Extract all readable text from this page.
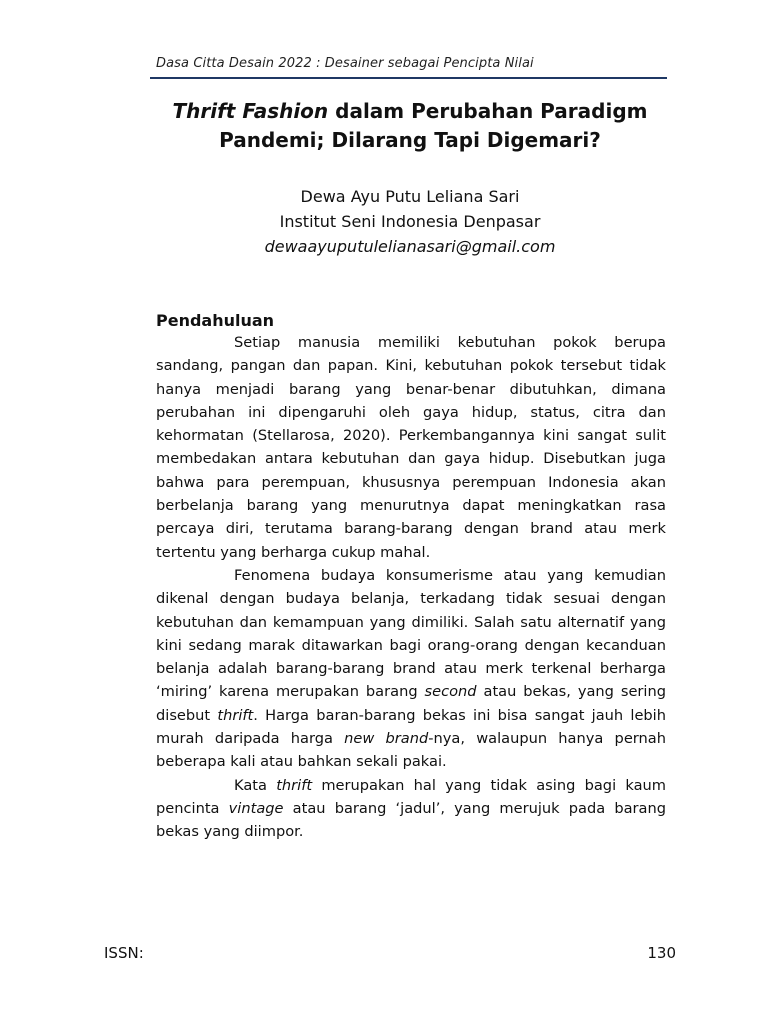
Dasa Citta Desain 2022 : Desainer sebagai Pencipta Nilai
Thrift Fashion dalam Perubahan Paradigm
Pandemi; Dilarang Tapi Digemari?
Dewa Ayu Putu Leliana Sari
Institut Seni Indonesia Denpasar
dewaayuputulelianasari@gmail.com
Pendahuluan

Setiap manusia memiliki kebutuhan pokok berupa sandang, pangan dan papan. Kini, kebutuhan pokok tersebut tidak hanya menjadi barang yang benar-benar dibutuhkan, dimana perubahan ini dipengaruhi oleh gaya hidup, status, citra dan kehormatan (Stellarosa, 2020). Perkembangannya kini sangat sulit membedakan antara kebutuhan dan gaya hidup. Disebutkan juga bahwa para perempuan, khususnya perempuan Indonesia akan berbelanja barang yang menurutnya dapat meningkatkan rasa percaya diri, terutama barang-barang dengan brand atau merk tertentu yang berharga cukup mahal.

Fenomena budaya konsumerisme atau yang kemudian dikenal dengan budaya belanja, terkadang tidak sesuai dengan kebutuhan dan kemampuan yang dimiliki. Salah satu alternatif yang kini sedang marak ditawarkan bagi orang-orang dengan kecanduan belanja adalah barang-barang brand atau merk terkenal berharga ‘miring’ karena merupakan barang second atau bekas, yang sering disebut thrift. Harga baran-barang bekas ini bisa sangat jauh lebih murah daripada harga new brand-nya, walaupun hanya pernah beberapa kali atau bahkan sekali pakai.

Kata thrift merupakan hal yang tidak asing bagi kaum pencinta vintage atau barang ‘jadul’, yang merujuk pada barang bekas yang diimpor.

ISSN:	130
